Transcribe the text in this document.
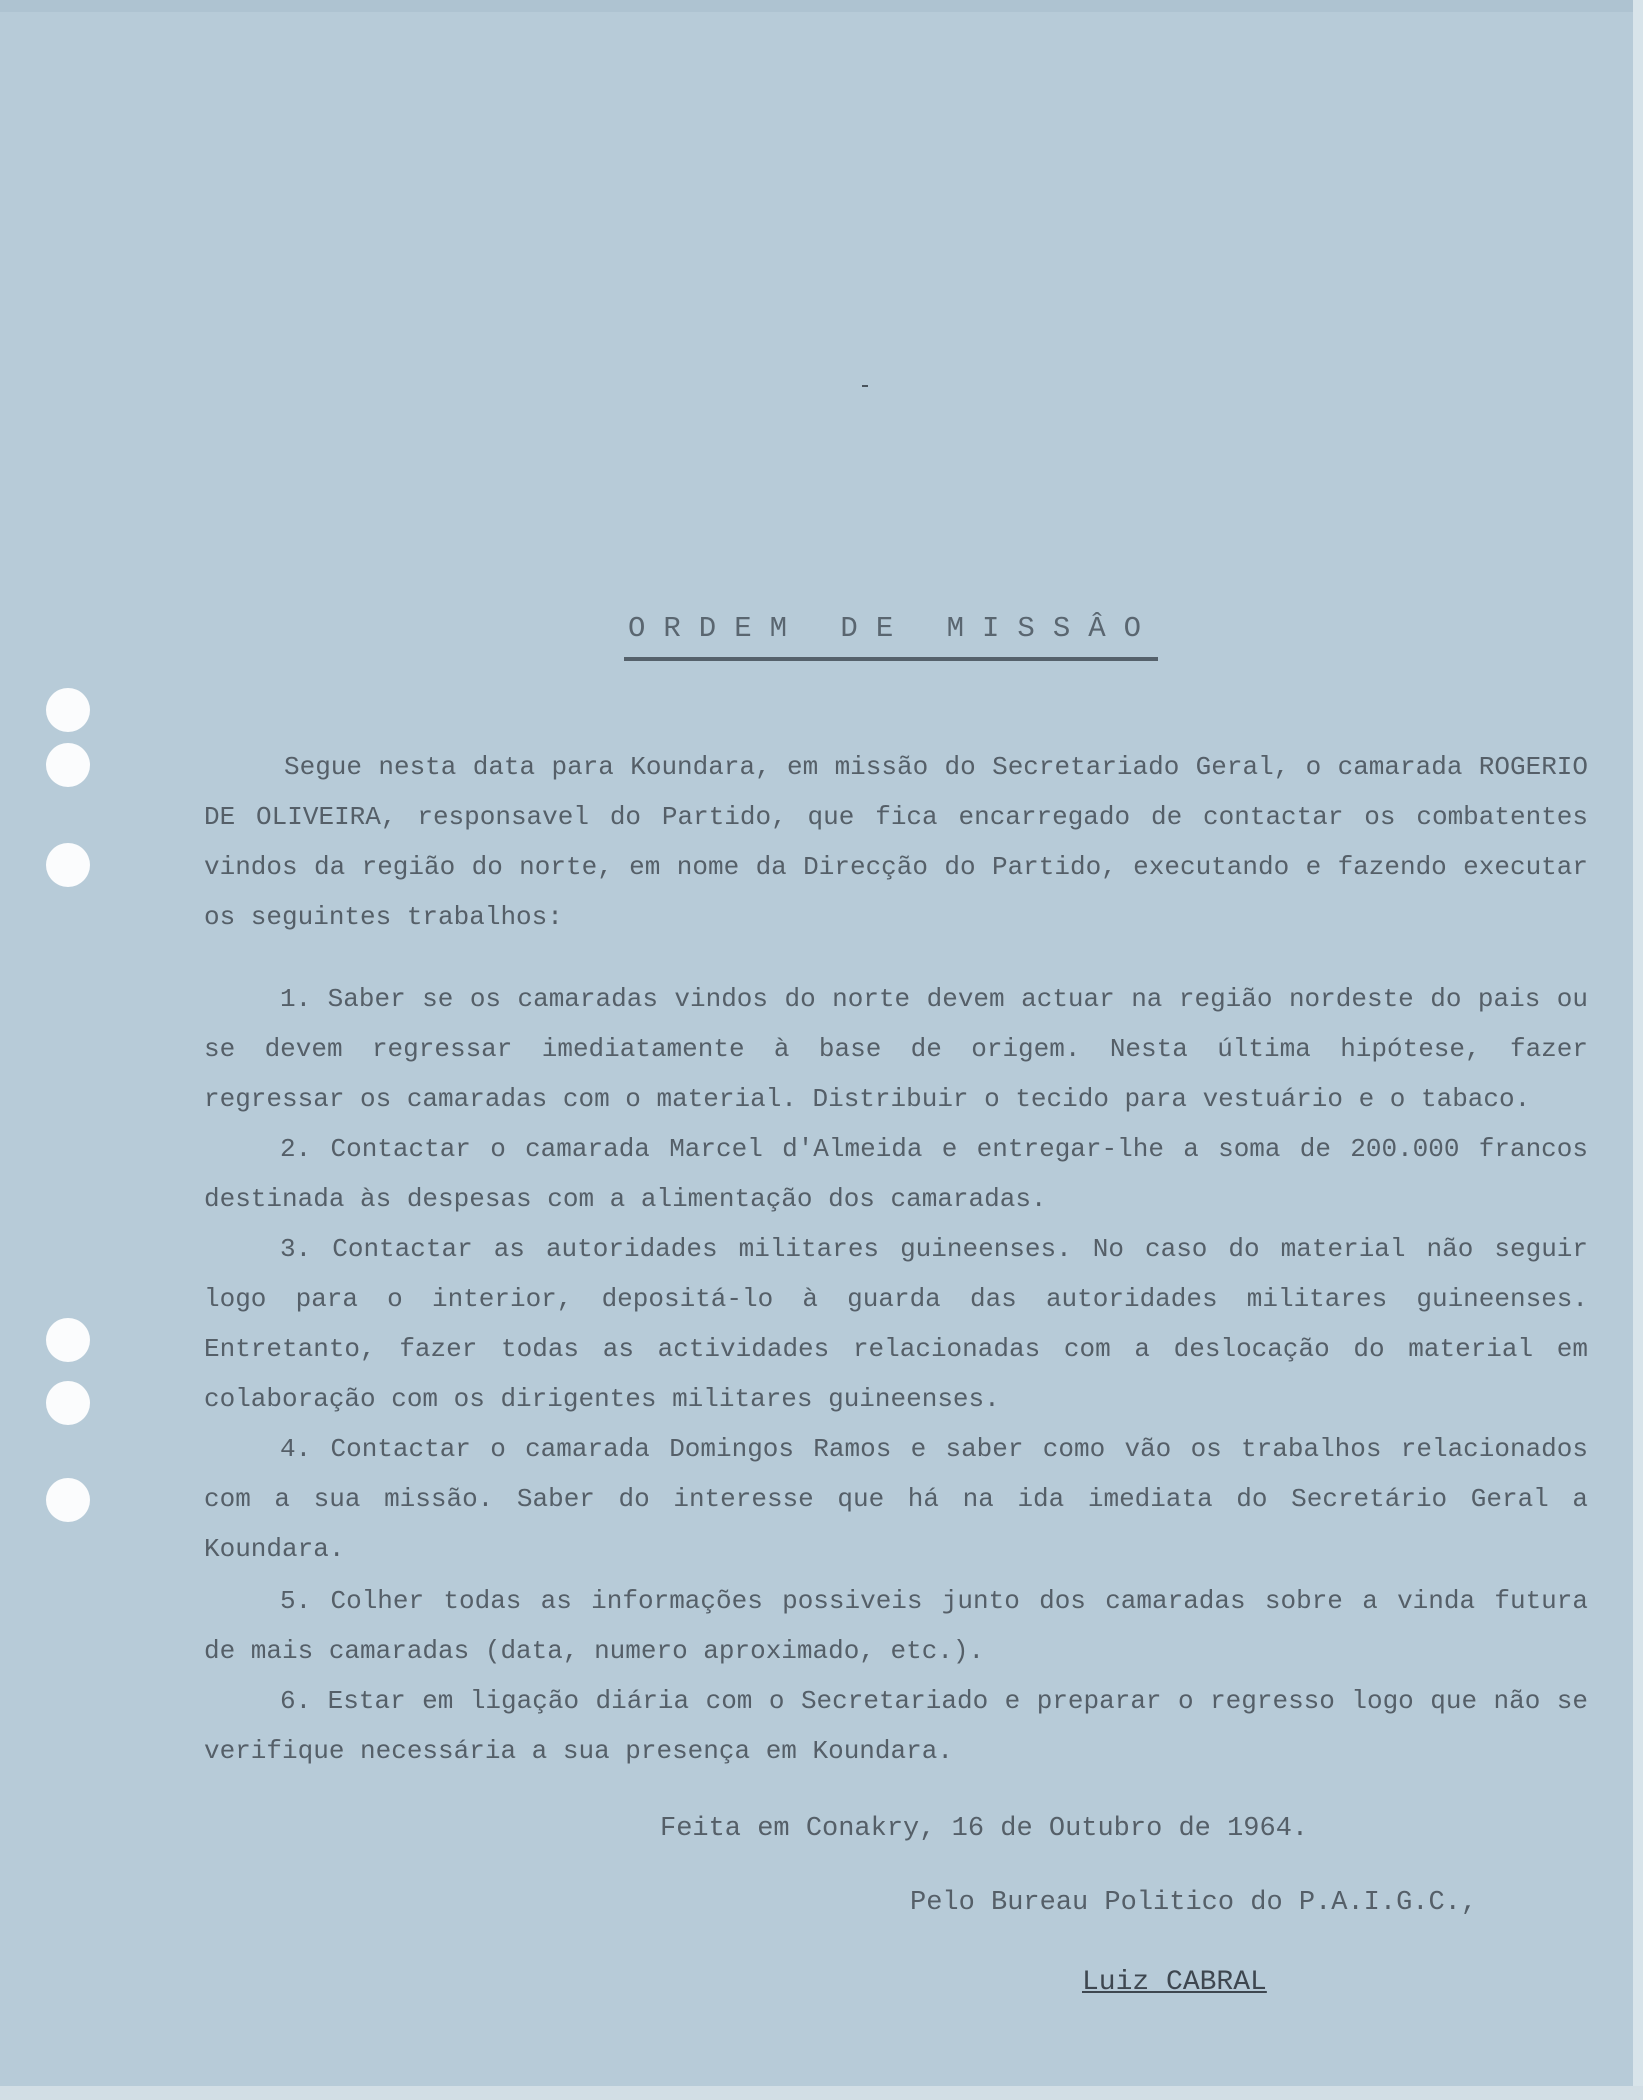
ORDEM DE MISSÂO

Segue nesta data para Koundara, em missão do Secretariado Geral, o camarada ROGERIO DE OLIVEIRA, responsavel do Partido, que fica encarregado de contactar os combatentes vindos da região do norte, em nome da Direcção do Partido, executando e fazendo executar os seguintes trabalhos:

1. Saber se os camaradas vindos do norte devem actuar na região nordeste do pais ou se devem regressar imediatamente à base de origem. Nesta última hipótese, fazer regressar os camaradas com o material. Distribuir o tecido para vestuário e o tabaco.

2. Contactar o camarada Marcel d'Almeida e entregar-lhe a soma de 200.000 francos destinada às despesas com a alimentação dos camaradas.

3. Contactar as autoridades militares guineenses. No caso do material não seguir logo para o interior, depositá-lo à guarda das autoridades militares guineenses. Entretanto, fazer todas as actividades relacionadas com a deslocação do material em colaboração com os dirigentes militares guineenses.

4. Contactar o camarada Domingos Ramos e saber como vão os trabalhos relacionados com a sua missão. Saber do interesse que há na ida imediata do Secretário Geral a Koundara.

5. Colher todas as informações possiveis junto dos camaradas sobre a vinda futura de mais camaradas (data, numero aproximado, etc.).

6. Estar em ligação diária com o Secretariado e preparar o regresso logo que não se verifique necessária a sua presença em Koundara.

Feita em Conakry, 16 de Outubro de 1964.
Pelo Bureau Politico do P.A.I.G.C.,
Luiz CABRAL
